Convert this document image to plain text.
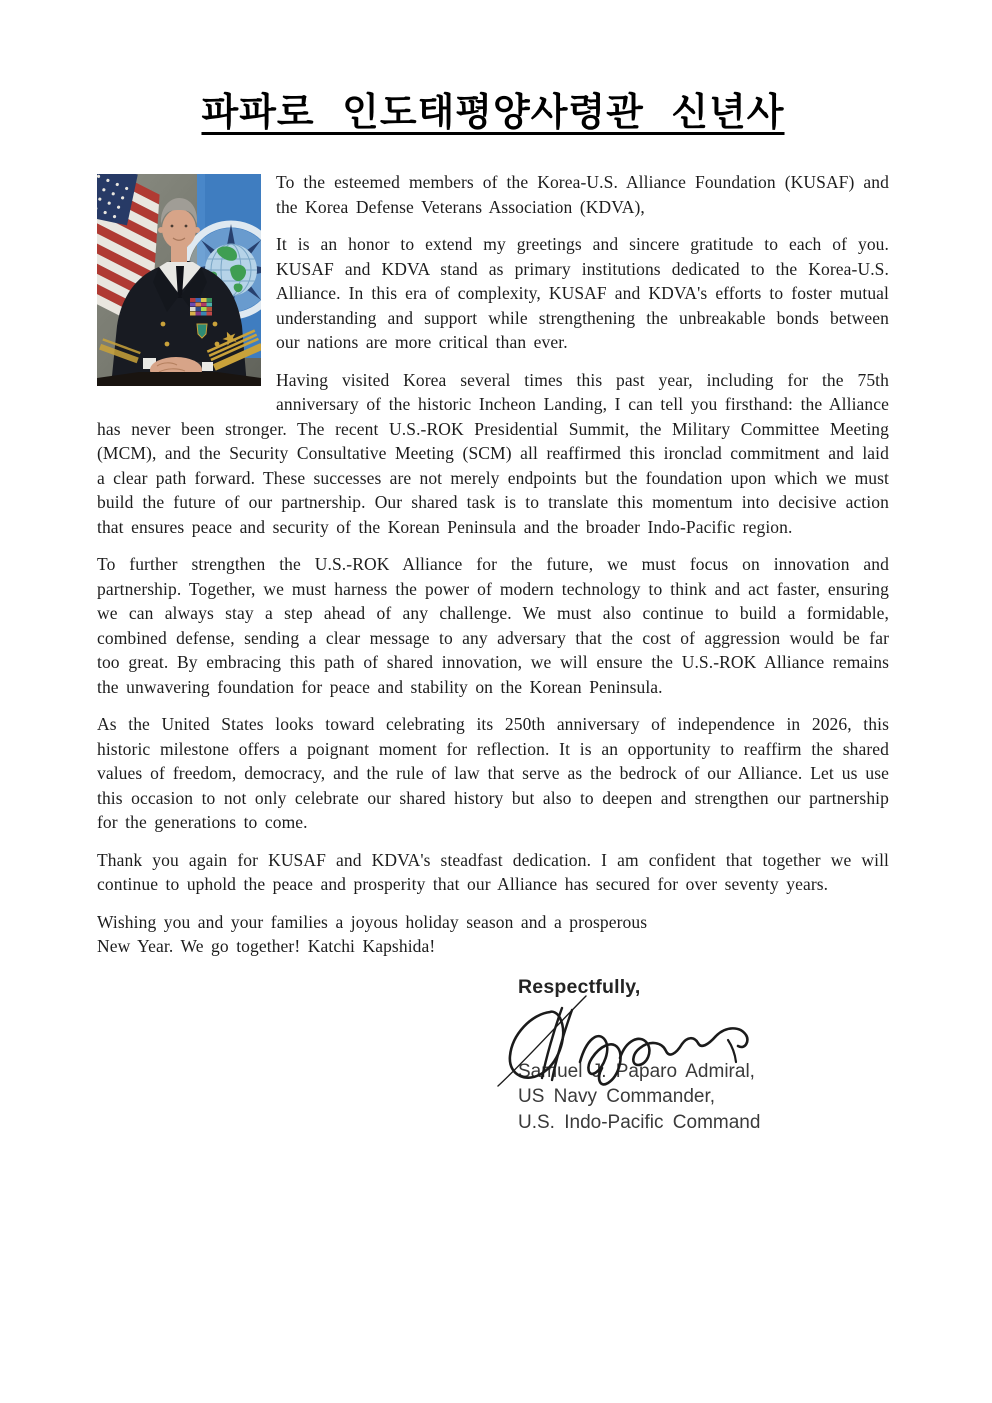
파파로 인도태평양사령관 신년사

To the esteemed members of the Korea-U.S. Alliance Foundation (KUSAF) and the Korea Defense Veterans Association (KDVA),

It is an honor to extend my greetings and sincere gratitude to each of you. KUSAF and KDVA stand as primary institutions dedicated to the Korea-U.S. Alliance. In this era of complexity, KUSAF and KDVA's efforts to foster mutual understanding and support while strengthening the unbreakable bonds between our nations are more critical than ever.

Having visited Korea several times this past year, including for the 75th anniversary of the historic Incheon Landing, I can tell you firsthand: the Alliance has never been stronger. The recent U.S.-ROK Presidential Summit, the Military Committee Meeting (MCM), and the Security Consultative Meeting (SCM) all reaffirmed this ironclad commitment and laid a clear path forward. These successes are not merely endpoints but the foundation upon which we must build the future of our partnership. Our shared task is to translate this momentum into decisive action that ensures peace and security of the Korean Peninsula and the broader Indo-Pacific region.

To further strengthen the U.S.-ROK Alliance for the future, we must focus on innovation and partnership. Together, we must harness the power of modern technology to think and act faster, ensuring we can always stay a step ahead of any challenge. We must also continue to build a formidable, combined defense, sending a clear message to any adversary that the cost of aggression would be far too great. By embracing this path of shared innovation, we will ensure the U.S.-ROK Alliance remains the unwavering foundation for peace and stability on the Korean Peninsula.

As the United States looks toward celebrating its 250th anniversary of independence in 2026, this historic milestone offers a poignant moment for reflection. It is an opportunity to reaffirm the shared values of freedom, democracy, and the rule of law that serve as the bedrock of our Alliance. Let us use this occasion to not only celebrate our shared history but also to deepen and strengthen our partnership for the generations to come.

Thank you again for KUSAF and KDVA's steadfast dedication. I am confident that together we will continue to uphold the peace and prosperity that our Alliance has secured for over seventy years.

Wishing you and your families a joyous holiday season and a prosperous
New Year. We go together! Katchi Kapshida!

Respectfully,
Samuel J. Paparo Admiral,
US Navy Commander,
U.S. Indo-Pacific Command
